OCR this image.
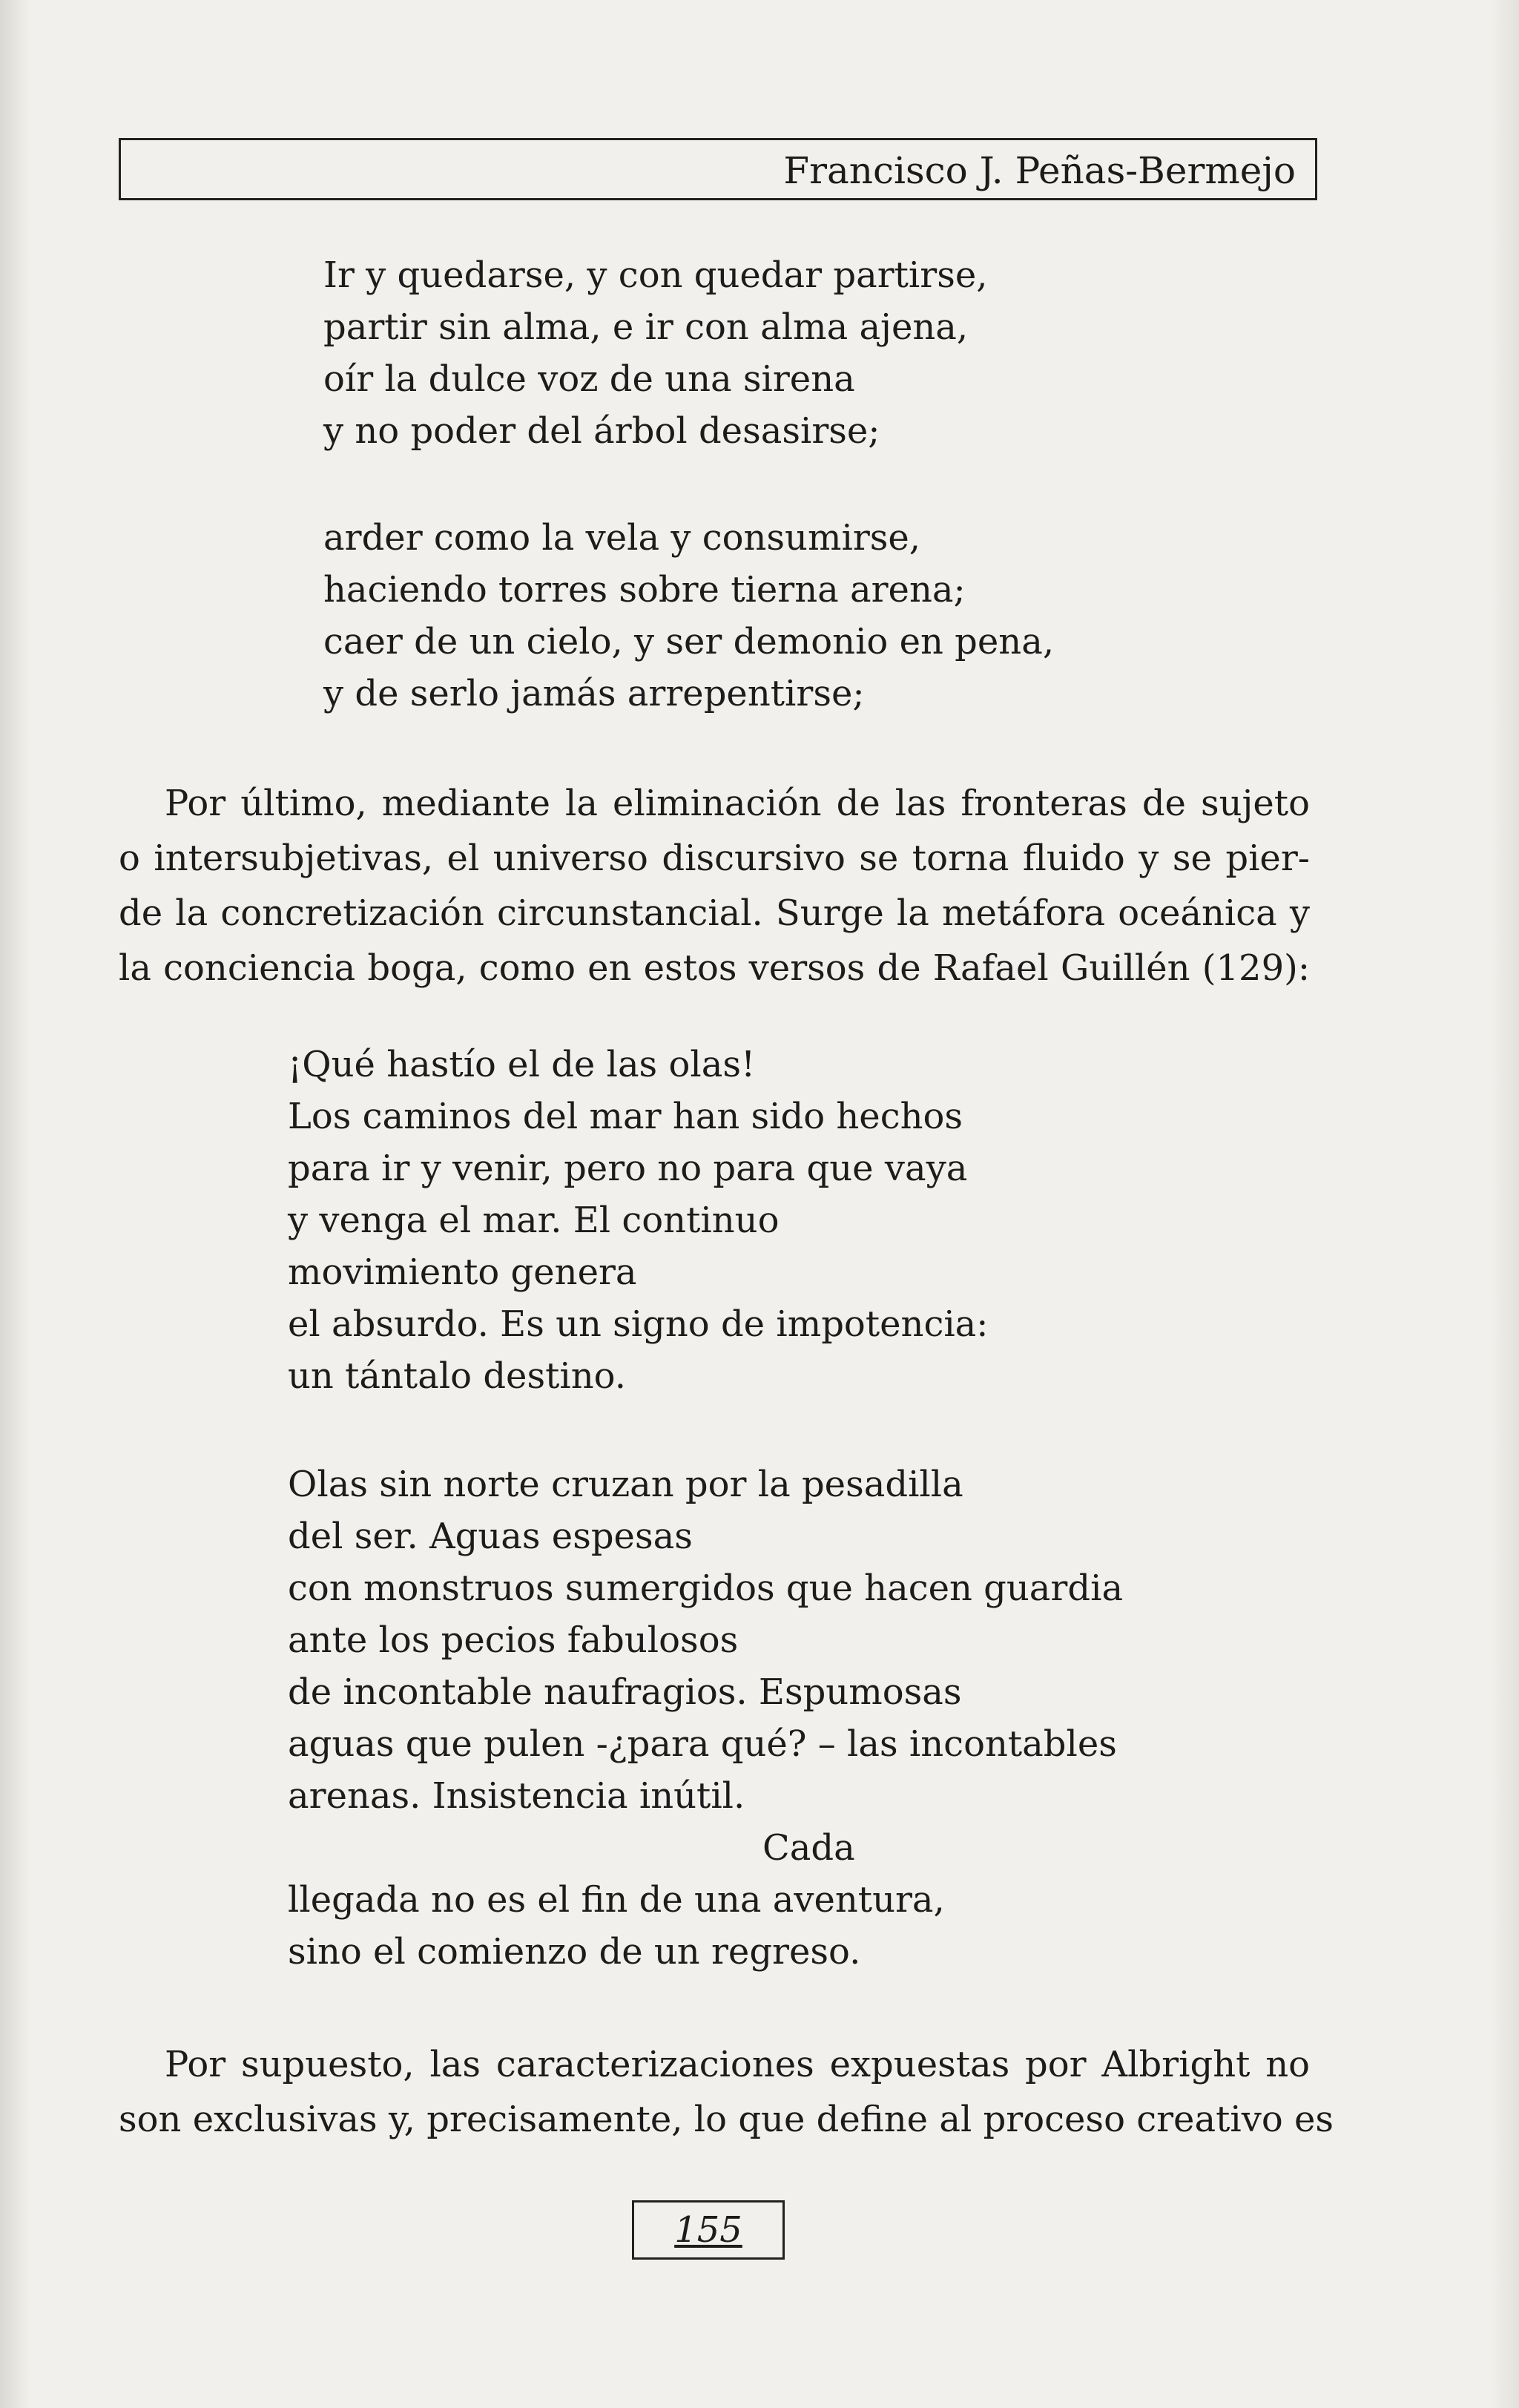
Francisco J. Peñas-Bermejo
Ir y quedarse, y con quedar partirse,
partir sin alma, e ir con alma ajena,
oír la dulce voz de una sirena
y no poder del árbol desasirse;
arder como la vela y consumirse,
haciendo torres sobre tierna arena;
caer de un cielo, y ser demonio en pena,
y de serlo jamás arrepentirse;
Por último, mediante la eliminación de las fronteras de sujeto
o intersubjetivas, el universo discursivo se torna fluido y se pier-
de la concretización circunstancial. Surge la metáfora oceánica y
la conciencia boga, como en estos versos de Rafael Guillén (129):
¡Qué hastío el de las olas!
Los caminos del mar han sido hechos
para ir y venir, pero no para que vaya
y venga el mar. El continuo
movimiento genera
el absurdo. Es un signo de impotencia:
un tántalo destino.
Olas sin norte cruzan por la pesadilla
del ser. Aguas espesas
con monstruos sumergidos que hacen guardia
ante los pecios fabulosos
de incontable naufragios. Espumosas
aguas que pulen -¿para qué? – las incontables
arenas. Insistencia inútil.
Cada
llegada no es el fin de una aventura,
sino el comienzo de un regreso.
Por supuesto, las caracterizaciones expuestas por Albright no
son exclusivas y, precisamente, lo que define al proceso creativo es
155
